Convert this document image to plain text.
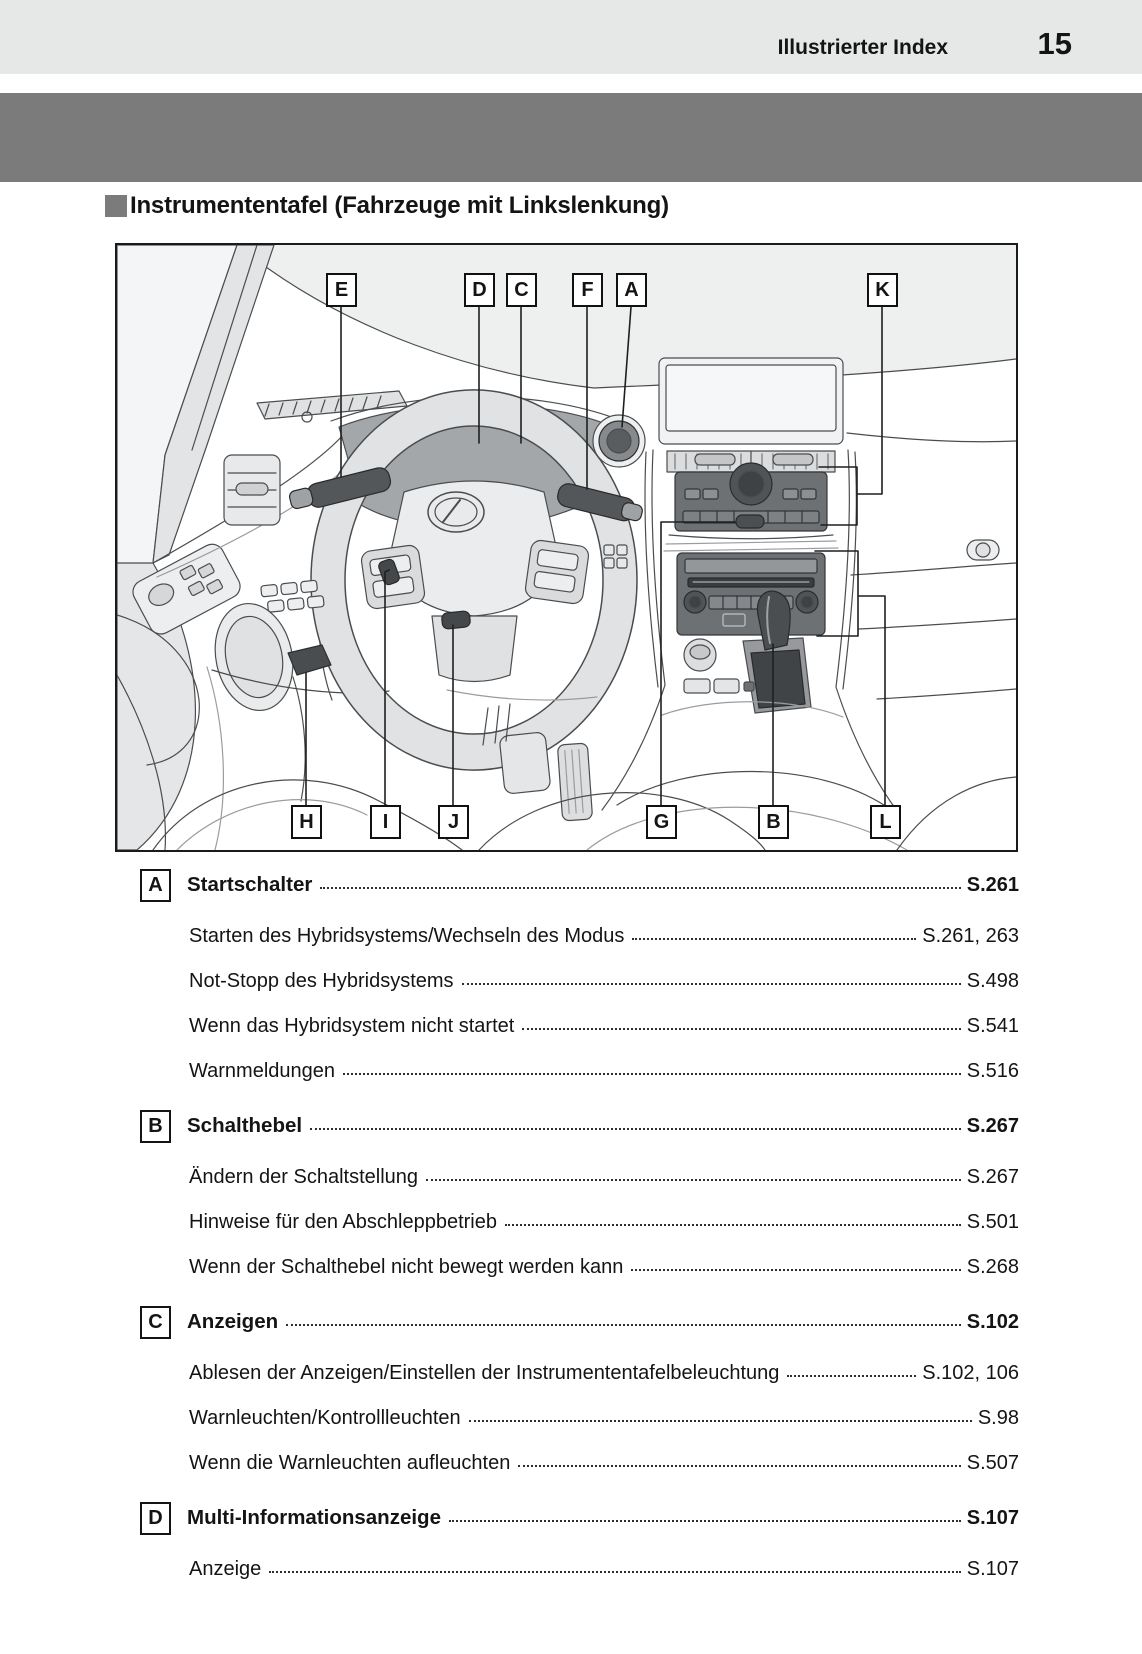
Illustrierter Index	15
Instrumententafel (Fahrzeuge mit Linkslenkung)
E	D	C	F	A	K
H	I	J	G	B	L
A	Startschalter	S.261
Starten des Hybridsystems/Wechseln des Modus	S.261, 263
Not-Stopp des Hybridsystems	S.498
Wenn das Hybridsystem nicht startet	S.541
Warnmeldungen	S.516
B	Schalthebel	S.267
Ändern der Schaltstellung	S.267
Hinweise für den Abschleppbetrieb	S.501
Wenn der Schalthebel nicht bewegt werden kann	S.268
C	Anzeigen	S.102
Ablesen der Anzeigen/Einstellen der Instrumententafelbeleuchtung	S.102, 106
Warnleuchten/Kontrollleuchten	S.98
Wenn die Warnleuchten aufleuchten	S.507
D	Multi-Informationsanzeige	S.107
Anzeige	S.107
